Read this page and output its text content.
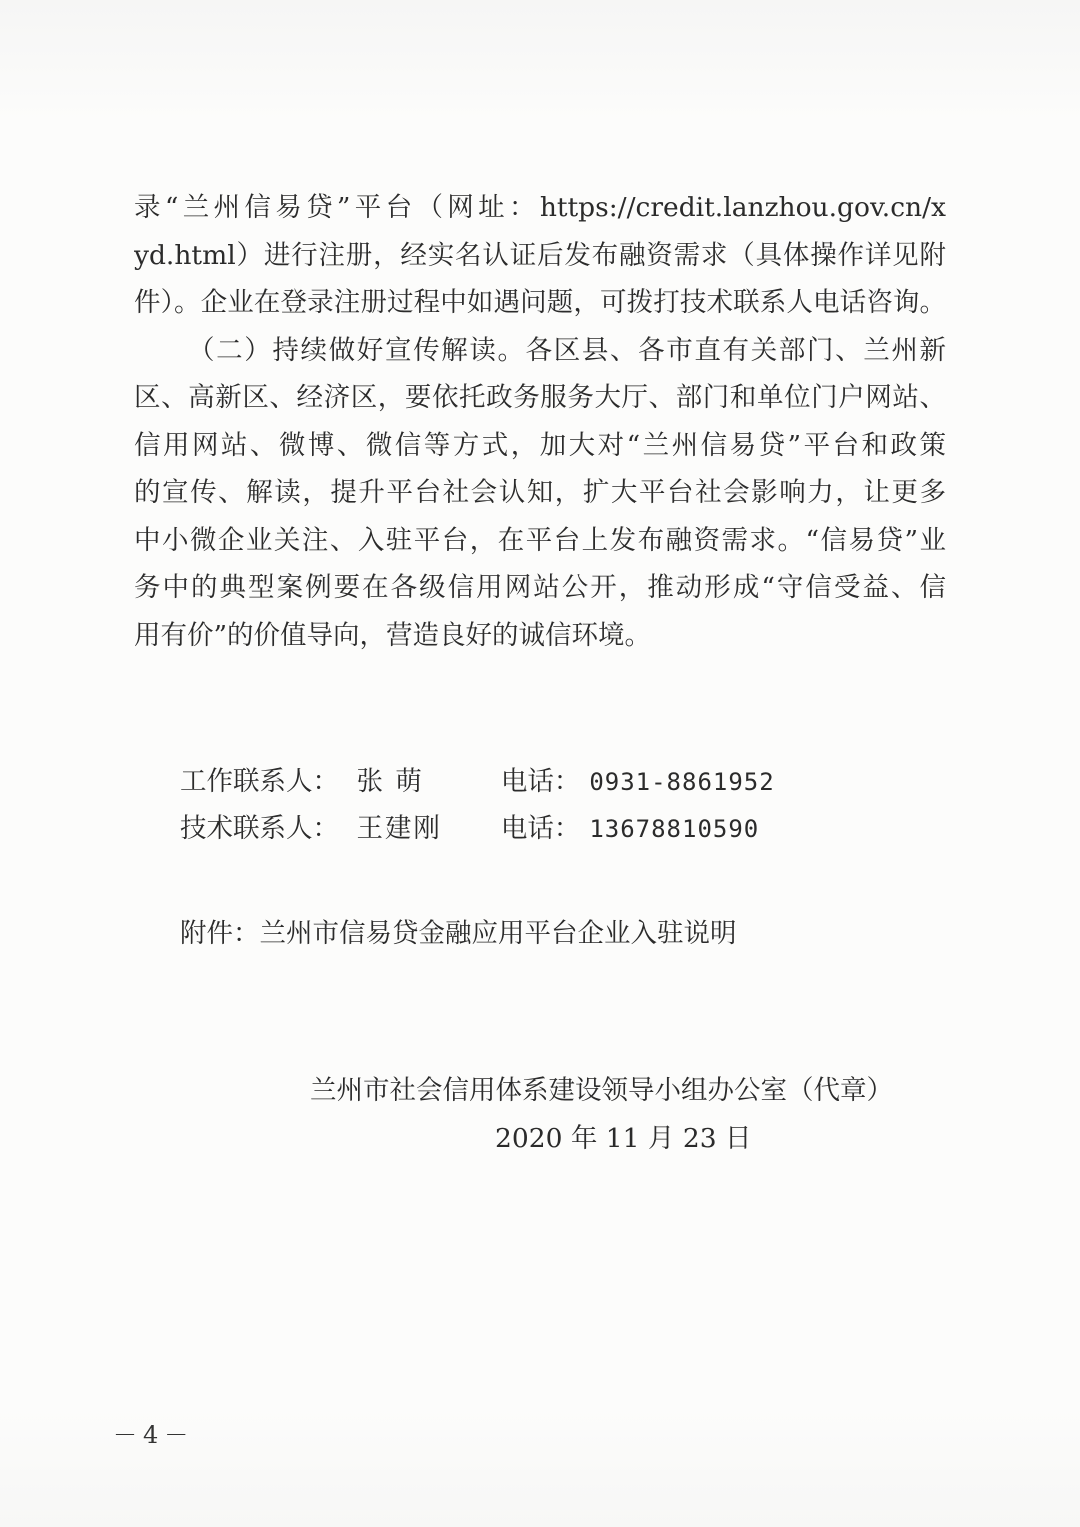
录“兰州信易贷”平台（网址：https://credit.lanzhou.gov.cn/x
yd.html）进行注册，经实名认证后发布融资需求（具体操作详见附
件）。企业在登录注册过程中如遇问题，可拨打技术联系人电话咨询。
（二）持续做好宣传解读。各区县、各市直有关部门、兰州新
区、高新区、经济区，要依托政务服务大厅、部门和单位门户网站、
信用网站、微博、微信等方式，加大对“兰州信易贷”平台和政策
的宣传、解读，提升平台社会认知，扩大平台社会影响力，让更多
中小微企业关注、入驻平台，在平台上发布融资需求。“信易贷”业
务中的典型案例要在各级信用网站公开，推动形成“守信受益、信
用有价”的价值导向，营造良好的诚信环境。
工作联系人： 张 萌	电话： 0931-8861952
技术联系人： 王建刚 电话： 13678810590
附件：兰州市信易贷金融应用平台企业入驻说明
兰州市社会信用体系建设领导小组办公室（代章）
2020 年 11 月 23 日
－4－
